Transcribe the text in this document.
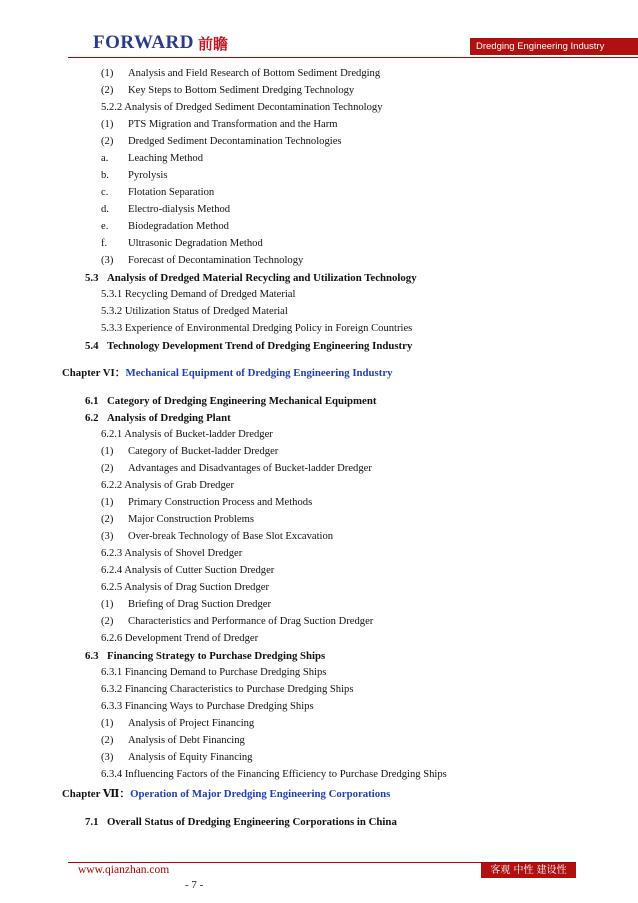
FORWARD 前瞻	Dredging Engineering Industry
(1) Analysis and Field Research of Bottom Sediment Dredging
(2) Key Steps to Bottom Sediment Dredging Technology
5.2.2 Analysis of Dredged Sediment Decontamination Technology
(1) PTS Migration and Transformation and the Harm
(2) Dredged Sediment Decontamination Technologies
a. Leaching Method
b. Pyrolysis
c. Flotation Separation
d. Electro-dialysis Method
e. Biodegradation Method
f. Ultrasonic Degradation Method
(3) Forecast of Decontamination Technology
5.3 Analysis of Dredged Material Recycling and Utilization Technology
5.3.1 Recycling Demand of Dredged Material
5.3.2 Utilization Status of Dredged Material
5.3.3 Experience of Environmental Dredging Policy in Foreign Countries
5.4 Technology Development Trend of Dredging Engineering Industry
Chapter VI：Mechanical Equipment of Dredging Engineering Industry
6.1 Category of Dredging Engineering Mechanical Equipment
6.2 Analysis of Dredging Plant
6.2.1 Analysis of Bucket-ladder Dredger
(1) Category of Bucket-ladder Dredger
(2) Advantages and Disadvantages of Bucket-ladder Dredger
6.2.2 Analysis of Grab Dredger
(1) Primary Construction Process and Methods
(2) Major Construction Problems
(3) Over-break Technology of Base Slot Excavation
6.2.3 Analysis of Shovel Dredger
6.2.4 Analysis of Cutter Suction Dredger
6.2.5 Analysis of Drag Suction Dredger
(1) Briefing of Drag Suction Dredger
(2) Characteristics and Performance of Drag Suction Dredger
6.2.6 Development Trend of Dredger
6.3 Financing Strategy to Purchase Dredging Ships
6.3.1 Financing Demand to Purchase Dredging Ships
6.3.2 Financing Characteristics to Purchase Dredging Ships
6.3.3 Financing Ways to Purchase Dredging Ships
(1) Analysis of Project Financing
(2) Analysis of Debt Financing
(3) Analysis of Equity Financing
6.3.4 Influencing Factors of the Financing Efficiency to Purchase Dredging Ships
Chapter Ⅶ：Operation of Major Dredging Engineering Corporations
7.1 Overall Status of Dredging Engineering Corporations in China
www.qianzhan.com	客观 中性 建设性
- 7 -
